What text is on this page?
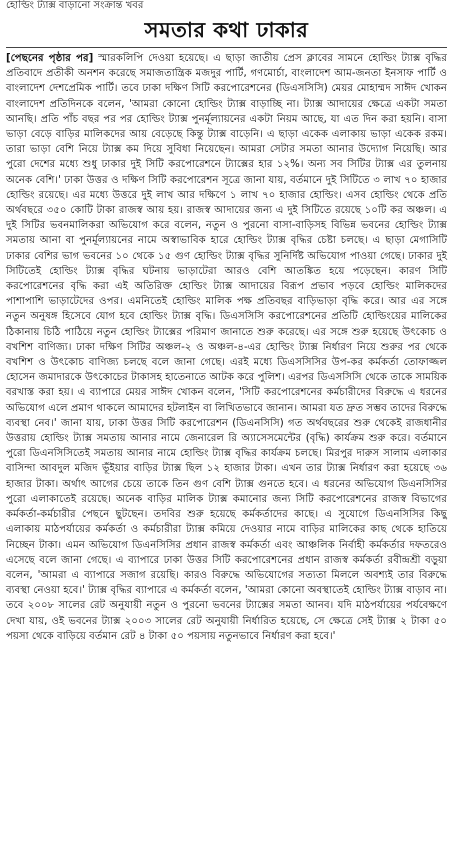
হোল্ডিং ট্যাক্স বাড়ানো সংক্রান্ত খবর
সমতার কথা ঢাকার
[পেছনের পৃষ্ঠার পর] স্মারকলিপি দেওয়া হয়েছে। এ ছাড়া জাতীয় প্রেস ক্লাবের সামনে হোল্ডিং ট্যাক্স বৃদ্ধির প্রতিবাদে প্রতীকী অনশন করেছে সমাজতান্ত্রিক মজদুর পার্টি, গণমোর্চা, বাংলাদেশ আম-জনতা ইনসাফ পার্টি ও বাংলাদেশ দেশপ্রেমিক পার্টি। তবে ঢাকা দক্ষিণ সিটি করপোরেশনের (ডিএসসিসি) মেয়র মোহাম্মদ সাঈদ খোকন বাংলাদেশ প্রতিদিনকে বলেন, 'আমরা কোনো হোল্ডিং ট্যাক্স বাড়াচ্ছি না। ট্যাক্স আদায়ের ক্ষেত্রে একটা সমতা আনছি। প্রতি পাঁচ বছর পর পর হোল্ডিং ট্যাক্স পুনর্মূল্যায়নের একটা নিয়ম আছে, যা এত দিন করা হয়নি। বাসা ভাড়া বেড়ে বাড়ির মালিকদের আয় বেড়েছে কিন্তু ট্যাক্স বাড়েনি। এ ছাড়া একেক এলাকায় ভাড়া একেক রকম। তারা ভাড়া বেশি নিয়ে ট্যাক্স কম দিয়ে সুবিধা নিয়েছেন। আমরা সেটার সমতা আনার উদ্যোগ নিয়েছি। আর পুরো দেশের মধ্যে শুধু ঢাকার দুই সিটি করপোরেশনে ট্যাক্সের হার ১২%। অন্য সব সিটির ট্যাক্স এর তুলনায় অনেক বেশি।' ঢাকা উত্তর ও দক্ষিণ সিটি করপোরেশন সূত্রে জানা যায়, বর্তমানে দুই সিটিতে ৩ লাখ ৭০ হাজার হোল্ডিং রয়েছে। এর মধ্যে উত্তরে দুই লাখ আর দক্ষিণে ১ লাখ ৭০ হাজার হোল্ডিং। এসব হোল্ডিং থেকে প্রতি অর্থবছরে ৩৫০ কোটি টাকা রাজস্ব আয় হয়। রাজস্ব আদায়ের জন্য এ দুই সিটিতে রয়েছে ১০টি কর অঞ্চল। এ দুই সিটির ভবনমালিকরা অভিযোগ করে বলেন, নতুন ও পুরনো বাসা-বাড়িসহ বিভিন্ন ভবনের হোল্ডিং ট্যাক্স সমতায় আনা বা পুনর্মূল্যায়নের নামে অস্বাভাবিক হারে হোল্ডিং ট্যাক্স বৃদ্ধির চেষ্টা চলছে। এ ছাড়া মেগাসিটি ঢাকার বেশির ভাগ ভবনের ১০ থেকে ১৫ গুণ হোল্ডিং ট্যাক্স বৃদ্ধির সুনির্দিষ্ট অভিযোগ পাওয়া গেছে। ঢাকার দুই সিটিতেই হোল্ডিং ট্যাক্স বৃদ্ধির ঘটনায় ভাড়াটেরা আরও বেশি আতঙ্কিত হয়ে পড়েছেন। কারণ সিটি করপোরেশনের বৃদ্ধি করা এই অতিরিক্ত হোল্ডিং ট্যাক্স আদায়ের বিরূপ প্রভাব পড়বে হোল্ডিং মালিকদের পাশাপাশি ভাড়াটেদের ওপর। এমনিতেই হোল্ডিং মালিক পক্ষ প্রতিবছর বাড়িভাড়া বৃদ্ধি করে। আর এর সঙ্গে নতুন অনুষঙ্গ হিসেবে যোগ হবে হোল্ডিং ট্যাক্স বৃদ্ধি। ডিএসসিসি করপোরেশনের প্রতিটি হোল্ডিংয়ের মালিকের ঠিকানায় চিঠি পাঠিয়ে নতুন হোল্ডিং ট্যাক্সের পরিমাণ জানাতে শুরু করেছে। এর সঙ্গে শুরু হয়েছে উৎকোচ ও বখশিশ বাণিজ্য। ঢাকা দক্ষিণ সিটির অঞ্চল-২ ও অঞ্চল-৪-এর হোল্ডিং ট্যাক্স নির্ধারণ নিয়ে শুরুর পর থেকে বখশিশ ও উৎকোচ বাণিজ্য চলছে বলে জানা গেছে। এরই মধ্যে ডিএসসিসির উপ-কর কর্মকর্তা তোফাজ্জল হোসেন জমাদারকে উৎকোচের টাকাসহ হাতেনাতে আটক করে পুলিশ। এরপর ডিএসসিসি থেকে তাকে সাময়িক বরখাস্ত করা হয়। এ ব্যাপারে মেয়র সাঈদ খোকন বলেন, 'সিটি করপোরেশনের কর্মচারীদের বিরুদ্ধে এ ধরনের অভিযোগ এলে প্রমাণ থাকলে আমাদের হটলাইন বা লিখিতভাবে জানান। আমরা যত দ্রুত সম্ভব তাদের বিরুদ্ধে ব্যবস্থা নেব।' জানা যায়, ঢাকা উত্তর সিটি করপোরেশন (ডিএনসিসি) গত অর্থবছরের শুরু থেকেই রাজধানীর উত্তরায় হোল্ডিং ট্যাক্স সমতায় আনার নামে জেনারেল রি অ্যাসেসমেন্টের (বৃদ্ধি) কার্যক্রম শুরু করে। বর্তমানে পুরো ডিএনসিসিতেই সমতায় আনার নামে হোল্ডিং ট্যাক্স বৃদ্ধির কার্যক্রম চলছে। মিরপুর দারুস সালাম এলাকার বাসিন্দা আবদুল মজিদ ভূঁইয়ার বাড়ির ট্যাক্স ছিল ১২ হাজার টাকা। এখন তার ট্যাক্স নির্ধারণ করা হয়েছে ৩৬ হাজার টাকা। অর্থাৎ আগের চেয়ে তাকে তিন গুণ বেশি ট্যাক্স গুনতে হবে। এ ধরনের অভিযোগ ডিএনসিসির পুরো এলাকাতেই রয়েছে। অনেক বাড়ির মালিক ট্যাক্স কমানোর জন্য সিটি করপোরেশনের রাজস্ব বিভাগের কর্মকর্তা-কর্মচারীর পেছনে ছুটছেন। তদবির শুরু হয়েছে কর্মকর্তাদের কাছে। এ সুযোগে ডিএনসিসির কিছু এলাকায় মাঠপর্যায়ের কর্মকর্তা ও কর্মচারীরা ট্যাক্স কমিয়ে দেওয়ার নামে বাড়ির মালিকের কাছ থেকে হাতিয়ে নিচ্ছেন টাকা। এমন অভিযোগ ডিএনসিসির প্রধান রাজস্ব কর্মকর্তা এবং আঞ্চলিক নির্বাহী কর্মকর্তার দফতরেও এসেছে বলে জানা গেছে। এ ব্যাপারে ঢাকা উত্তর সিটি করপোরেশনের প্রধান রাজস্ব কর্মকর্তা রবীন্দ্রশ্রী বড়ুয়া বলেন, 'আমরা এ ব্যাপারে সজাগ রয়েছি। কারও বিরুদ্ধে অভিযোগের সত্যতা মিললে অবশ্যই তার বিরুদ্ধে ব্যবস্থা নেওয়া হবে।' ট্যাক্স বৃদ্ধির ব্যাপারে এ কর্মকর্তা বলেন, 'আমরা কোনো অবস্থাতেই হোল্ডিং ট্যাক্স বাড়াব না। তবে ২০০৮ সালের রেট অনুযায়ী নতুন ও পুরনো ভবনের ট্যাক্সের সমতা আনব। যদি মাঠপর্যায়ের পর্যবেক্ষণে দেখা যায়, ওই ভবনের ট্যাক্স ২০০৩ সালের রেট অনুযায়ী নির্ধারিত হয়েছে, সে ক্ষেত্রে সেই ট্যাক্স ২ টাকা ৫০ পয়সা থেকে বাড়িয়ে বর্তমান রেট ৪ টাকা ৫০ পয়সায় নতুনভাবে নির্ধারণ করা হবে।'
